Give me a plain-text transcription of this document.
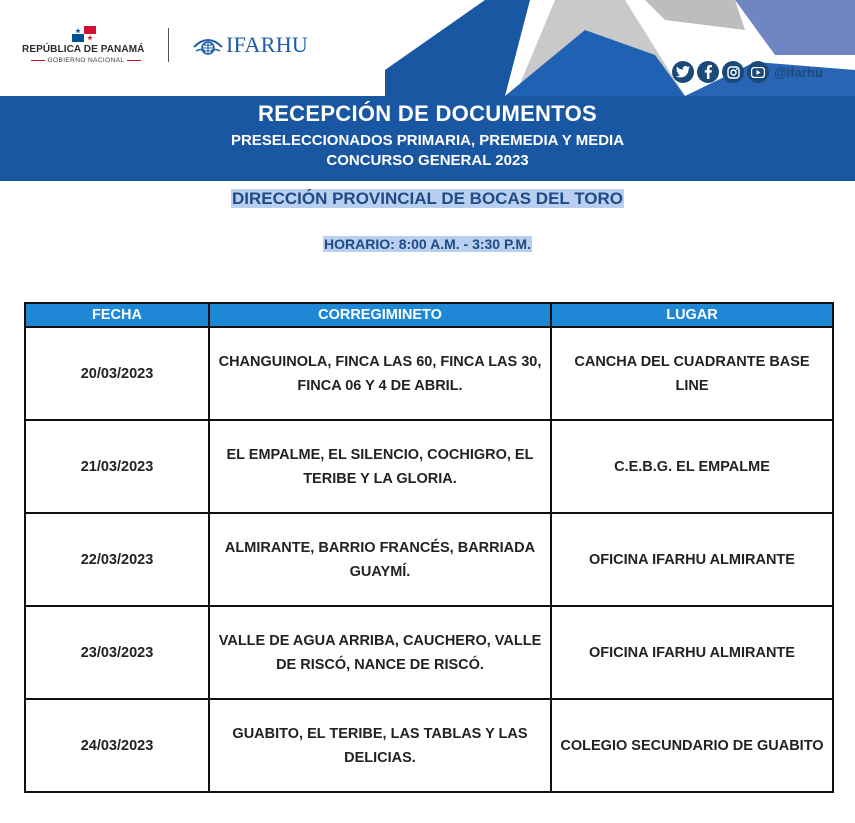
REPÚBLICA DE PANAMÁ
GOBIERNO NACIONAL
IFARHU
@ifarhu
RECEPCIÓN DE DOCUMENTOS
PRESELECCIONADOS PRIMARIA, PREMEDIA Y MEDIA
CONCURSO GENERAL 2023
DIRECCIÓN PROVINCIAL DE BOCAS DEL TORO
HORARIO: 8:00 A.M. - 3:30 P.M.
FECHA	CORREGIMINETO	LUGAR
20/03/2023	CHANGUINOLA, FINCA LAS 60, FINCA LAS 30, FINCA 06 Y 4 DE ABRIL.	CANCHA DEL CUADRANTE BASE LINE
21/03/2023	EL EMPALME, EL SILENCIO, COCHIGRO, EL TERIBE Y LA GLORIA.	C.E.B.G. EL EMPALME
22/03/2023	ALMIRANTE, BARRIO FRANCÉS, BARRIADA GUAYMÍ.	OFICINA IFARHU ALMIRANTE
23/03/2023	VALLE DE AGUA ARRIBA, CAUCHERO, VALLE DE RISCÓ, NANCE DE RISCÓ.	OFICINA IFARHU ALMIRANTE
24/03/2023	GUABITO, EL TERIBE, LAS TABLAS Y LAS DELICIAS.	COLEGIO SECUNDARIO DE GUABITO
